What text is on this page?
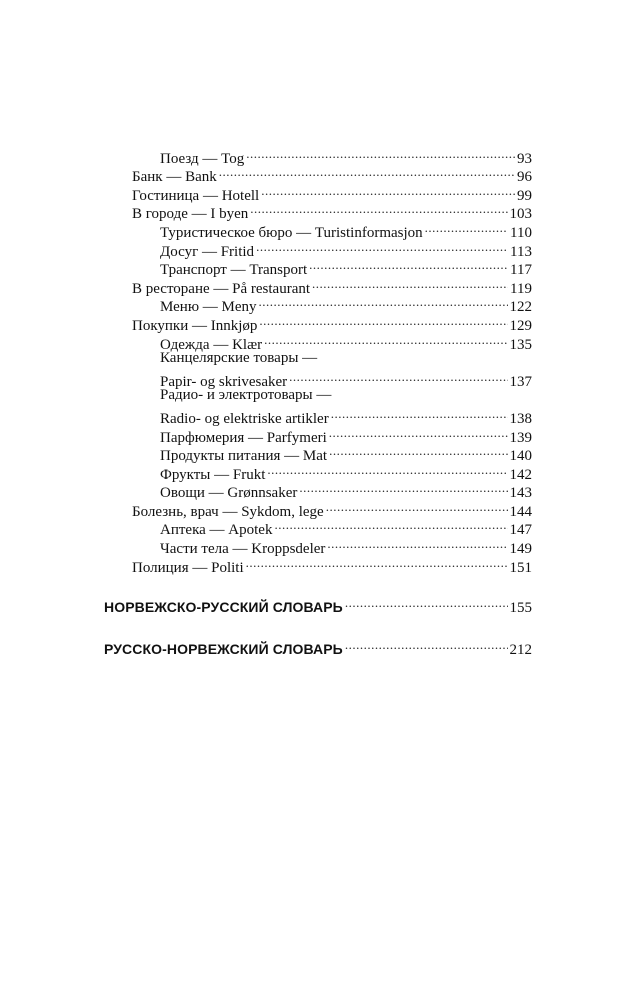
Поезд — Tog .....	93
Банк — Bank .....	96
Гостиница — Hotell .....	99
В городе — I byen .....	103
Туристическое бюро — Turistinformasjon .....	110
Досуг — Fritid .....	113
Транспорт — Transport .....	117
В ресторане — På restaurant .....	119
Меню — Meny .....	122
Покупки — Innkjøp .....	129
Одежда — Klær .....	135
Канцелярские товары —
Papir- og skrivesaker .....	137
Радио- и электротовары —
Radio- og elektriske artikler .....	138
Парфюмерия — Parfymeri .....	139
Продукты питания — Mat .....	140
Фрукты — Frukt .....	142
Овощи — Grønnsaker .....	143
Болезнь, врач — Sykdom, lege .....	144
Аптека — Apotek .....	147
Части тела — Kroppsdeler .....	149
Полиция — Politi .....	151
НОРВЕЖСКО-РУССКИЙ СЛОВАРЬ .....	155
РУССКО-НОРВЕЖСКИЙ СЛОВАРЬ .....	212
